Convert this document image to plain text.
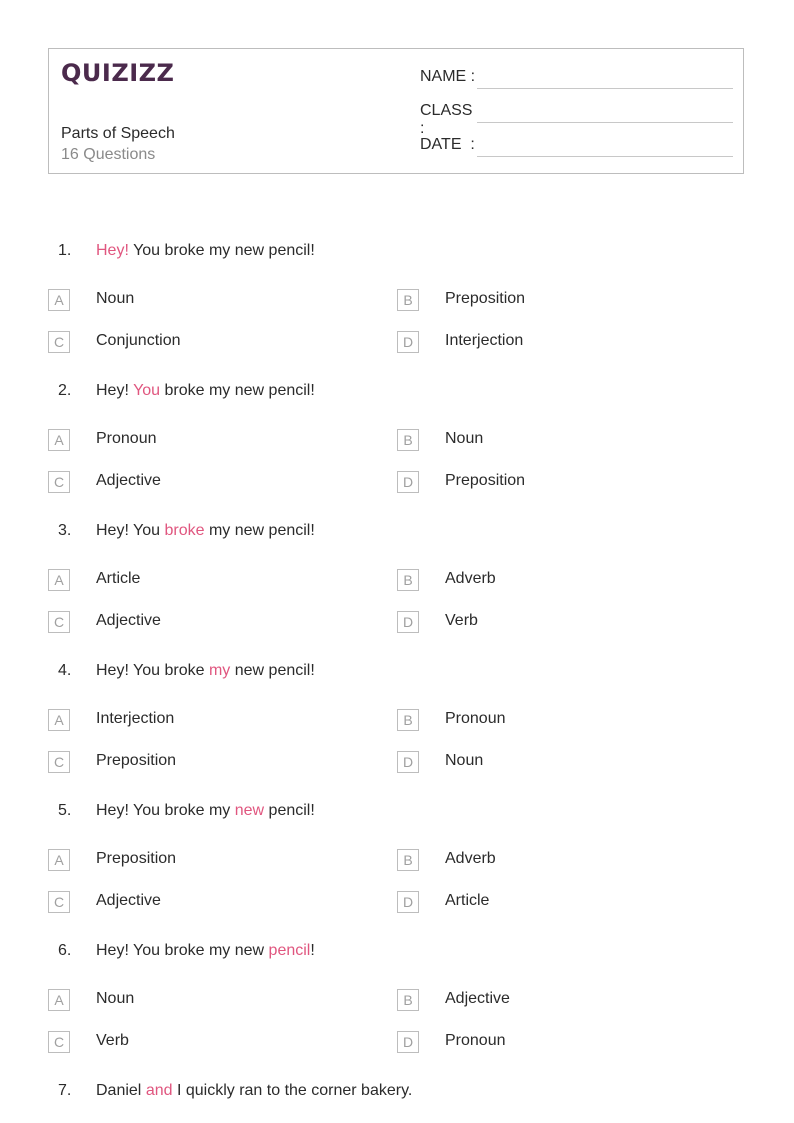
QUIZIZZ
Parts of Speech
16 Questions
NAME :
CLASS :
DATE  :
1. Hey! You broke my new pencil!
A	Noun	B	Preposition
C	Conjunction	D	Interjection
2. Hey! You broke my new pencil!
A	Pronoun	B	Noun
C	Adjective	D	Preposition
3. Hey! You broke my new pencil!
A	Article	B	Adverb
C	Adjective	D	Verb
4. Hey! You broke my new pencil!
A	Interjection	B	Pronoun
C	Preposition	D	Noun
5. Hey! You broke my new pencil!
A	Preposition	B	Adverb
C	Adjective	D	Article
6. Hey! You broke my new pencil!
A	Noun	B	Adjective
C	Verb	D	Pronoun
7. Daniel and I quickly ran to the corner bakery.
